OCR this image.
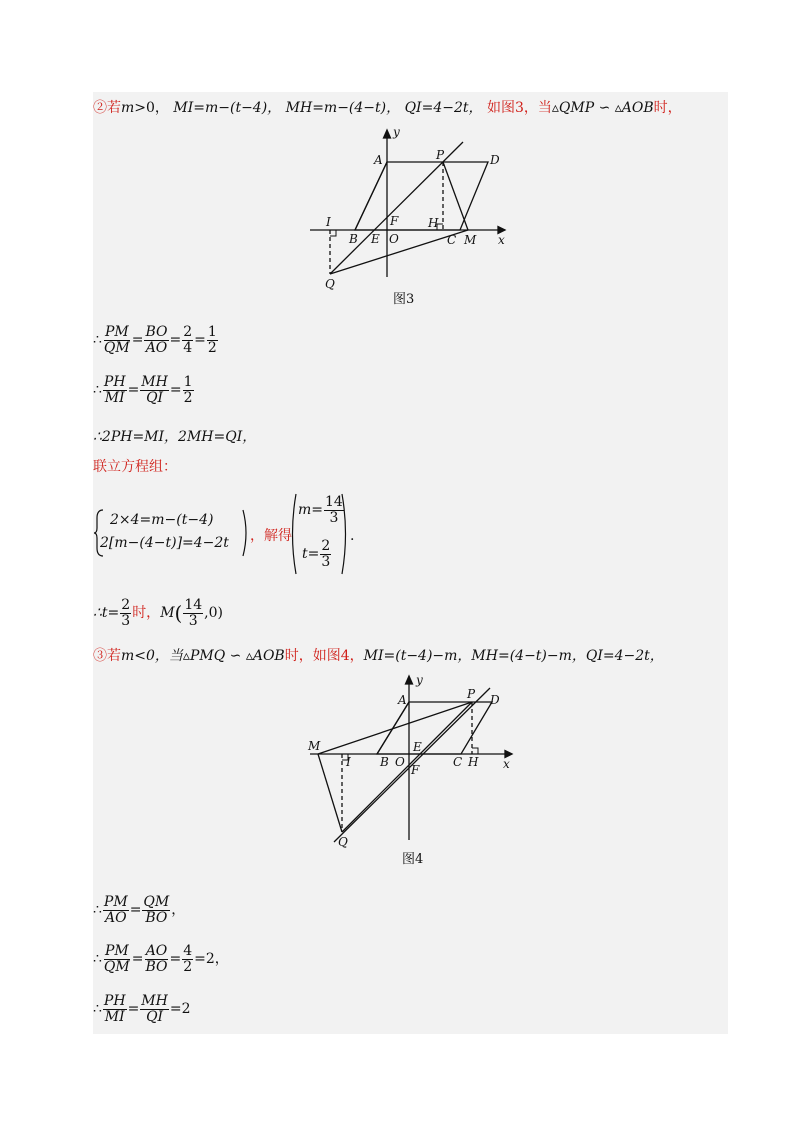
②若m>0， MI=m−(t−4)， MH=m−(4−t)， QI=4−2t， 如图3，当▵QMP ∽ ▵AOB时，
y
x
A	P	D
I	F H
B E O	C M
Q
图3
∴ $\frac{PM}{QM} = \frac{BO}{AO} = \frac{2}{4} = \frac{1}{2}$
∴ $\frac{PH}{MI} = \frac{MH}{QI} = \frac{1}{2}$
∴2PH=MI，2MH=QI，
联立方程组：
2×4=m−(t−4)
2[m−(4−t)]=4−2t ，解得
$m= \frac{14}{3}$
$t= \frac{2}{3}$
.
∴t= $\frac{2}{3}$ 时，$M( \frac{14}{3} ,0)$
③若m<0，当▵PMQ ∽ ▵AOB时，如图4，MI=(t−4)−m，MH=(4−t)−m，QI=4−2t，
y
x
A	P D
M	E
I B O	C H
F
Q
图4
∴ $\frac{PM}{AO} = \frac{QM}{BO}$ ，
∴ $\frac{PM}{QM} = \frac{AO}{BO} = \frac{4}{2} =2$，
∴ $\frac{PH}{MI} = \frac{MH}{QI} =2$
